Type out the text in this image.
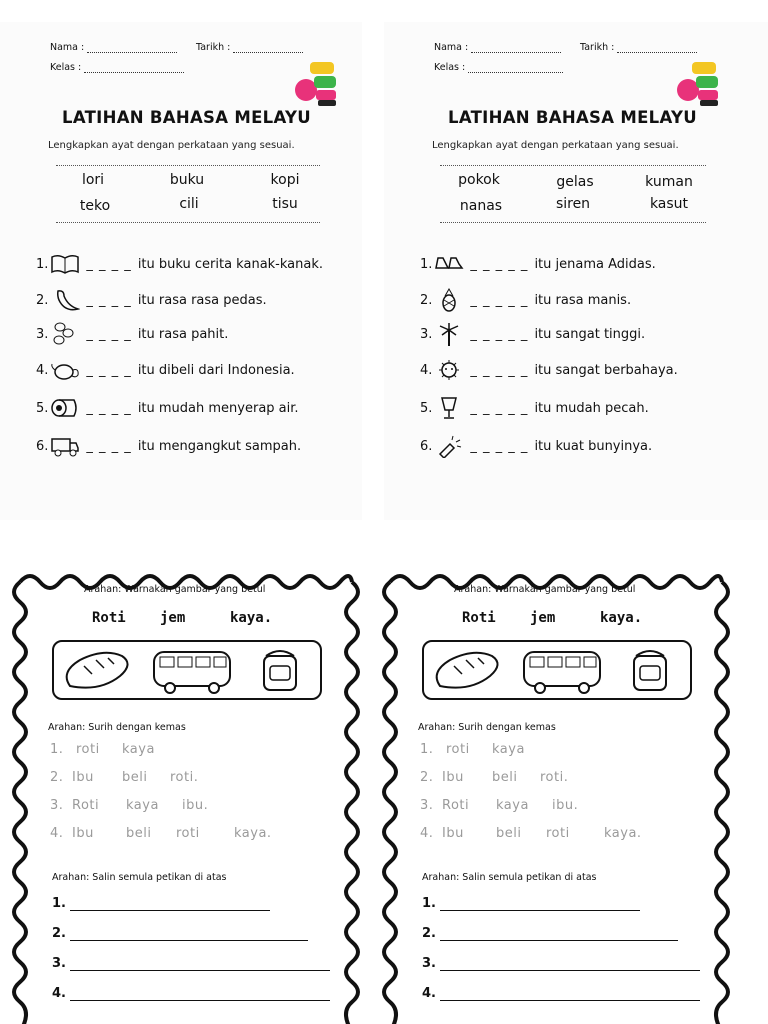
Nama :	Tarikh :
Kelas :
LATIHAN BAHASA MELAYU
Lengkapkan ayat dengan perkataan yang sesuai.
lori	buku	kopi
teko	cili	tisu
1.	_ _ _ _ itu buku cerita kanak-kanak.
2.	_ _ _ _ itu rasa rasa pedas.
3.	_ _ _ _ itu rasa pahit.
4.	_ _ _ _ itu dibeli dari Indonesia.
5.	_ _ _ _ itu mudah menyerap air.
6.	_ _ _ _ itu mengangkut sampah.
Nama :	Tarikh :
Kelas :
LATIHAN BAHASA MELAYU
Lengkapkan ayat dengan perkataan yang sesuai.
pokok	gelas	kuman
nanas	siren	kasut
1.	_ _ _ _ _ itu jenama Adidas.
2.	_ _ _ _ _ itu rasa manis.
3.	_ _ _ _ _ itu sangat tinggi.
4.	_ _ _ _ _ itu sangat berbahaya.
5.	_ _ _ _ _ itu mudah pecah.
6.	_ _ _ _ _ itu kuat bunyinya.
Arahan: Warnakan gambar yang betul
Roti jem	kaya.
Arahan: Surih dengan kemas
1. roti kaya
2. Ibu beli roti.
3. Roti kaya ibu.
4. Ibu beli roti	kaya.
Arahan: Salin semula petikan di atas
1.
2.
3.
4.
Arahan: Warnakan gambar yang betul
Roti jem	kaya.
Arahan: Surih dengan kemas
1. roti kaya
2. Ibu beli roti.
3. Roti kaya ibu.
4. Ibu beli roti	kaya.
Arahan: Salin semula petikan di atas
1.
2.
3.
4.
